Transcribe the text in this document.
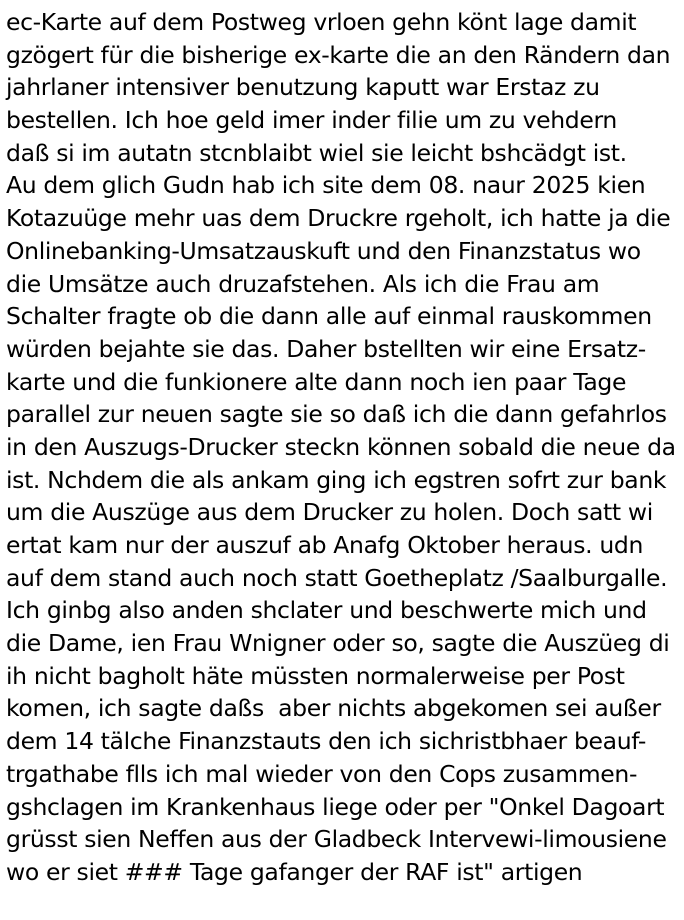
ec-Karte auf dem Postweg vrloen gehn könt lage damit
gzögert für die bisherige ex-karte die an den Rändern dan
jahrlaner intensiver benutzung kaputt war Erstaz zu
bestellen. Ich hoe geld imer inder filie um zu vehdern
daß si im autatn stcnblaibt wiel sie leicht bshcädgt ist.
Au dem glich Gudn hab ich site dem 08. naur 2025 kien
Kotazuüge mehr uas dem Druckre rgeholt, ich hatte ja die
Onlinebanking-Umsatzauskuft und den Finanzstatus wo
die Umsätze auch druzafstehen. Als ich die Frau am
Schalter fragte ob die dann alle auf einmal rauskommen
würden bejahte sie das. Daher bstellten wir eine Ersatz-
karte und die funkionere alte dann noch ien paar Tage
parallel zur neuen sagte sie so daß ich die dann gefahrlos
in den Auszugs-Drucker steckn können sobald die neue da
ist. Nchdem die als ankam ging ich egstren sofrt zur bank
um die Auszüge aus dem Drucker zu holen. Doch satt wi
ertat kam nur der auszuf ab Anafg Oktober heraus. udn
auf dem stand auch noch statt Goetheplatz /Saalburgalle.
Ich ginbg also anden shclater und beschwerte mich und
die Dame, ien Frau Wnigner oder so, sagte die Auszüeg di
ih nicht bagholt häte müssten normalerweise per Post
komen, ich sagte daßs  aber nichts abgekomen sei außer
dem 14 tälche Finanzstauts den ich sichristbhaer beauf-
trgathabe flls ich mal wieder von den Cops zusammen-
gshclagen im Krankenhaus liege oder per "Onkel Dagoart
grüsst sien Neffen aus der Gladbeck Intervewi-limousiene
wo er siet ### Tage gafanger der RAF ist" artigen
